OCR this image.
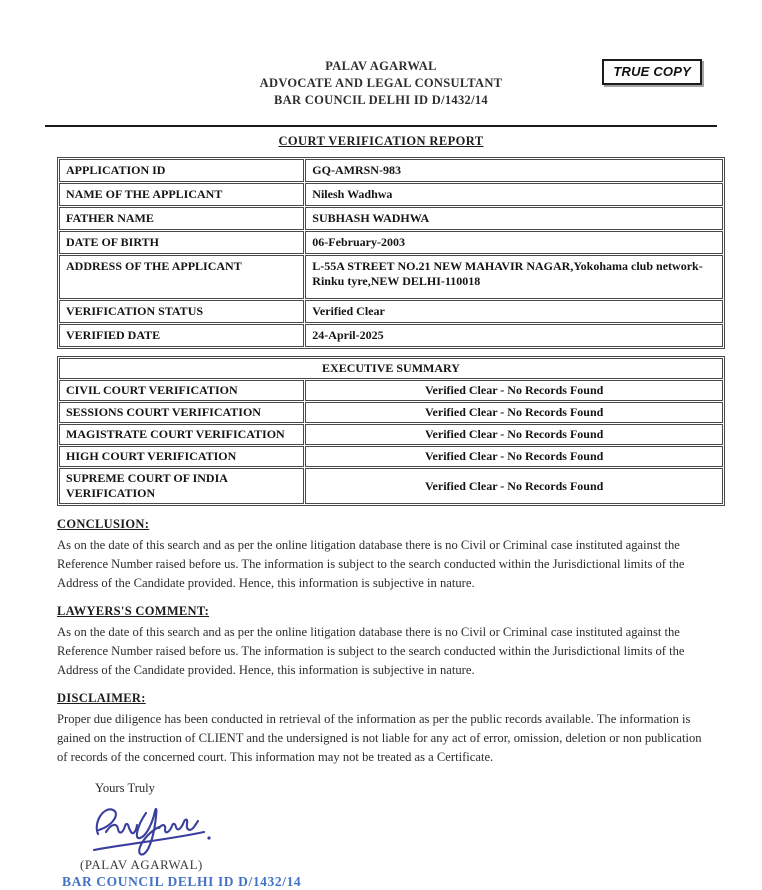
PALAV AGARWAL
ADVOCATE AND LEGAL CONSULTANT
BAR COUNCIL DELHI ID D/1432/14
TRUE COPY
COURT VERIFICATION REPORT
APPLICATION ID	GQ-AMRSN-983
NAME OF THE APPLICANT	Nilesh Wadhwa
FATHER NAME	SUBHASH WADHWA
DATE OF BIRTH	06-February-2003
ADDRESS OF THE APPLICANT	L-55A STREET NO.21 NEW MAHAVIR NAGAR,Yokohama club network-Rinku tyre,NEW DELHI-110018
VERIFICATION STATUS	Verified Clear
VERIFIED DATE	24-April-2025
EXECUTIVE SUMMARY	
CIVIL COURT VERIFICATION	Verified Clear - No Records Found
SESSIONS COURT VERIFICATION	Verified Clear - No Records Found
MAGISTRATE COURT VERIFICATION	Verified Clear - No Records Found
HIGH COURT VERIFICATION	Verified Clear - No Records Found
SUPREME COURT OF INDIA VERIFICATION	Verified Clear - No Records Found
CONCLUSION:

As on the date of this search and as per the online litigation database there is no Civil or Criminal case instituted against the Reference Number raised before us. The information is subject to the search conducted within the Jurisdictional limits of the Address of the Candidate provided. Hence, this information is subjective in nature.

LAWYERS'S COMMENT:

As on the date of this search and as per the online litigation database there is no Civil or Criminal case instituted against the Reference Number raised before us. The information is subject to the search conducted within the Jurisdictional limits of the Address of the Candidate provided. Hence, this information is subjective in nature.

DISCLAIMER:

Proper due diligence has been conducted in retrieval of the information as per the public records available. The information is gained on the instruction of CLIENT and the undersigned is not liable for any act of error, omission, deletion or non publication of records of the concerned court. This information may not be treated as a Certificate.

Yours Truly
(PALAV AGARWAL)
BAR COUNCIL DELHI ID D/1432/14
